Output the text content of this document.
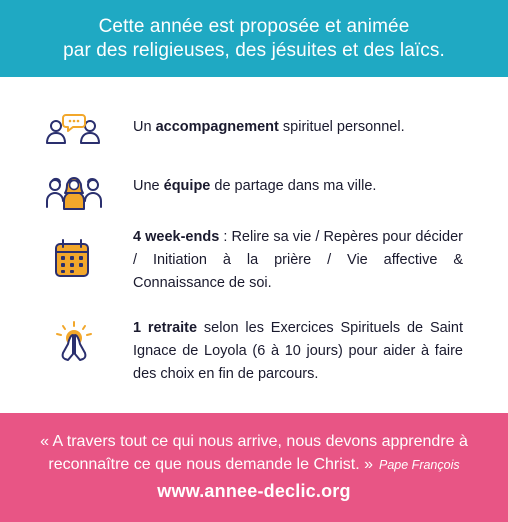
Cette année est proposée et animée
par des religieuses, des jésuites et des laïcs.
Un accompagnement spirituel personnel.
Une équipe de partage dans ma ville.
4 week-ends : Relire sa vie / Repères pour décider / Initiation à la prière / Vie affective & Connaissance de soi.
1 retraite selon les Exercices Spirituels de Saint Ignace de Loyola (6 à 10 jours) pour aider à faire des choix en fin de parcours.
« A travers tout ce qui nous arrive, nous devons apprendre à
reconnaître ce que nous demande le Christ. » Pape François
www.annee-declic.org
